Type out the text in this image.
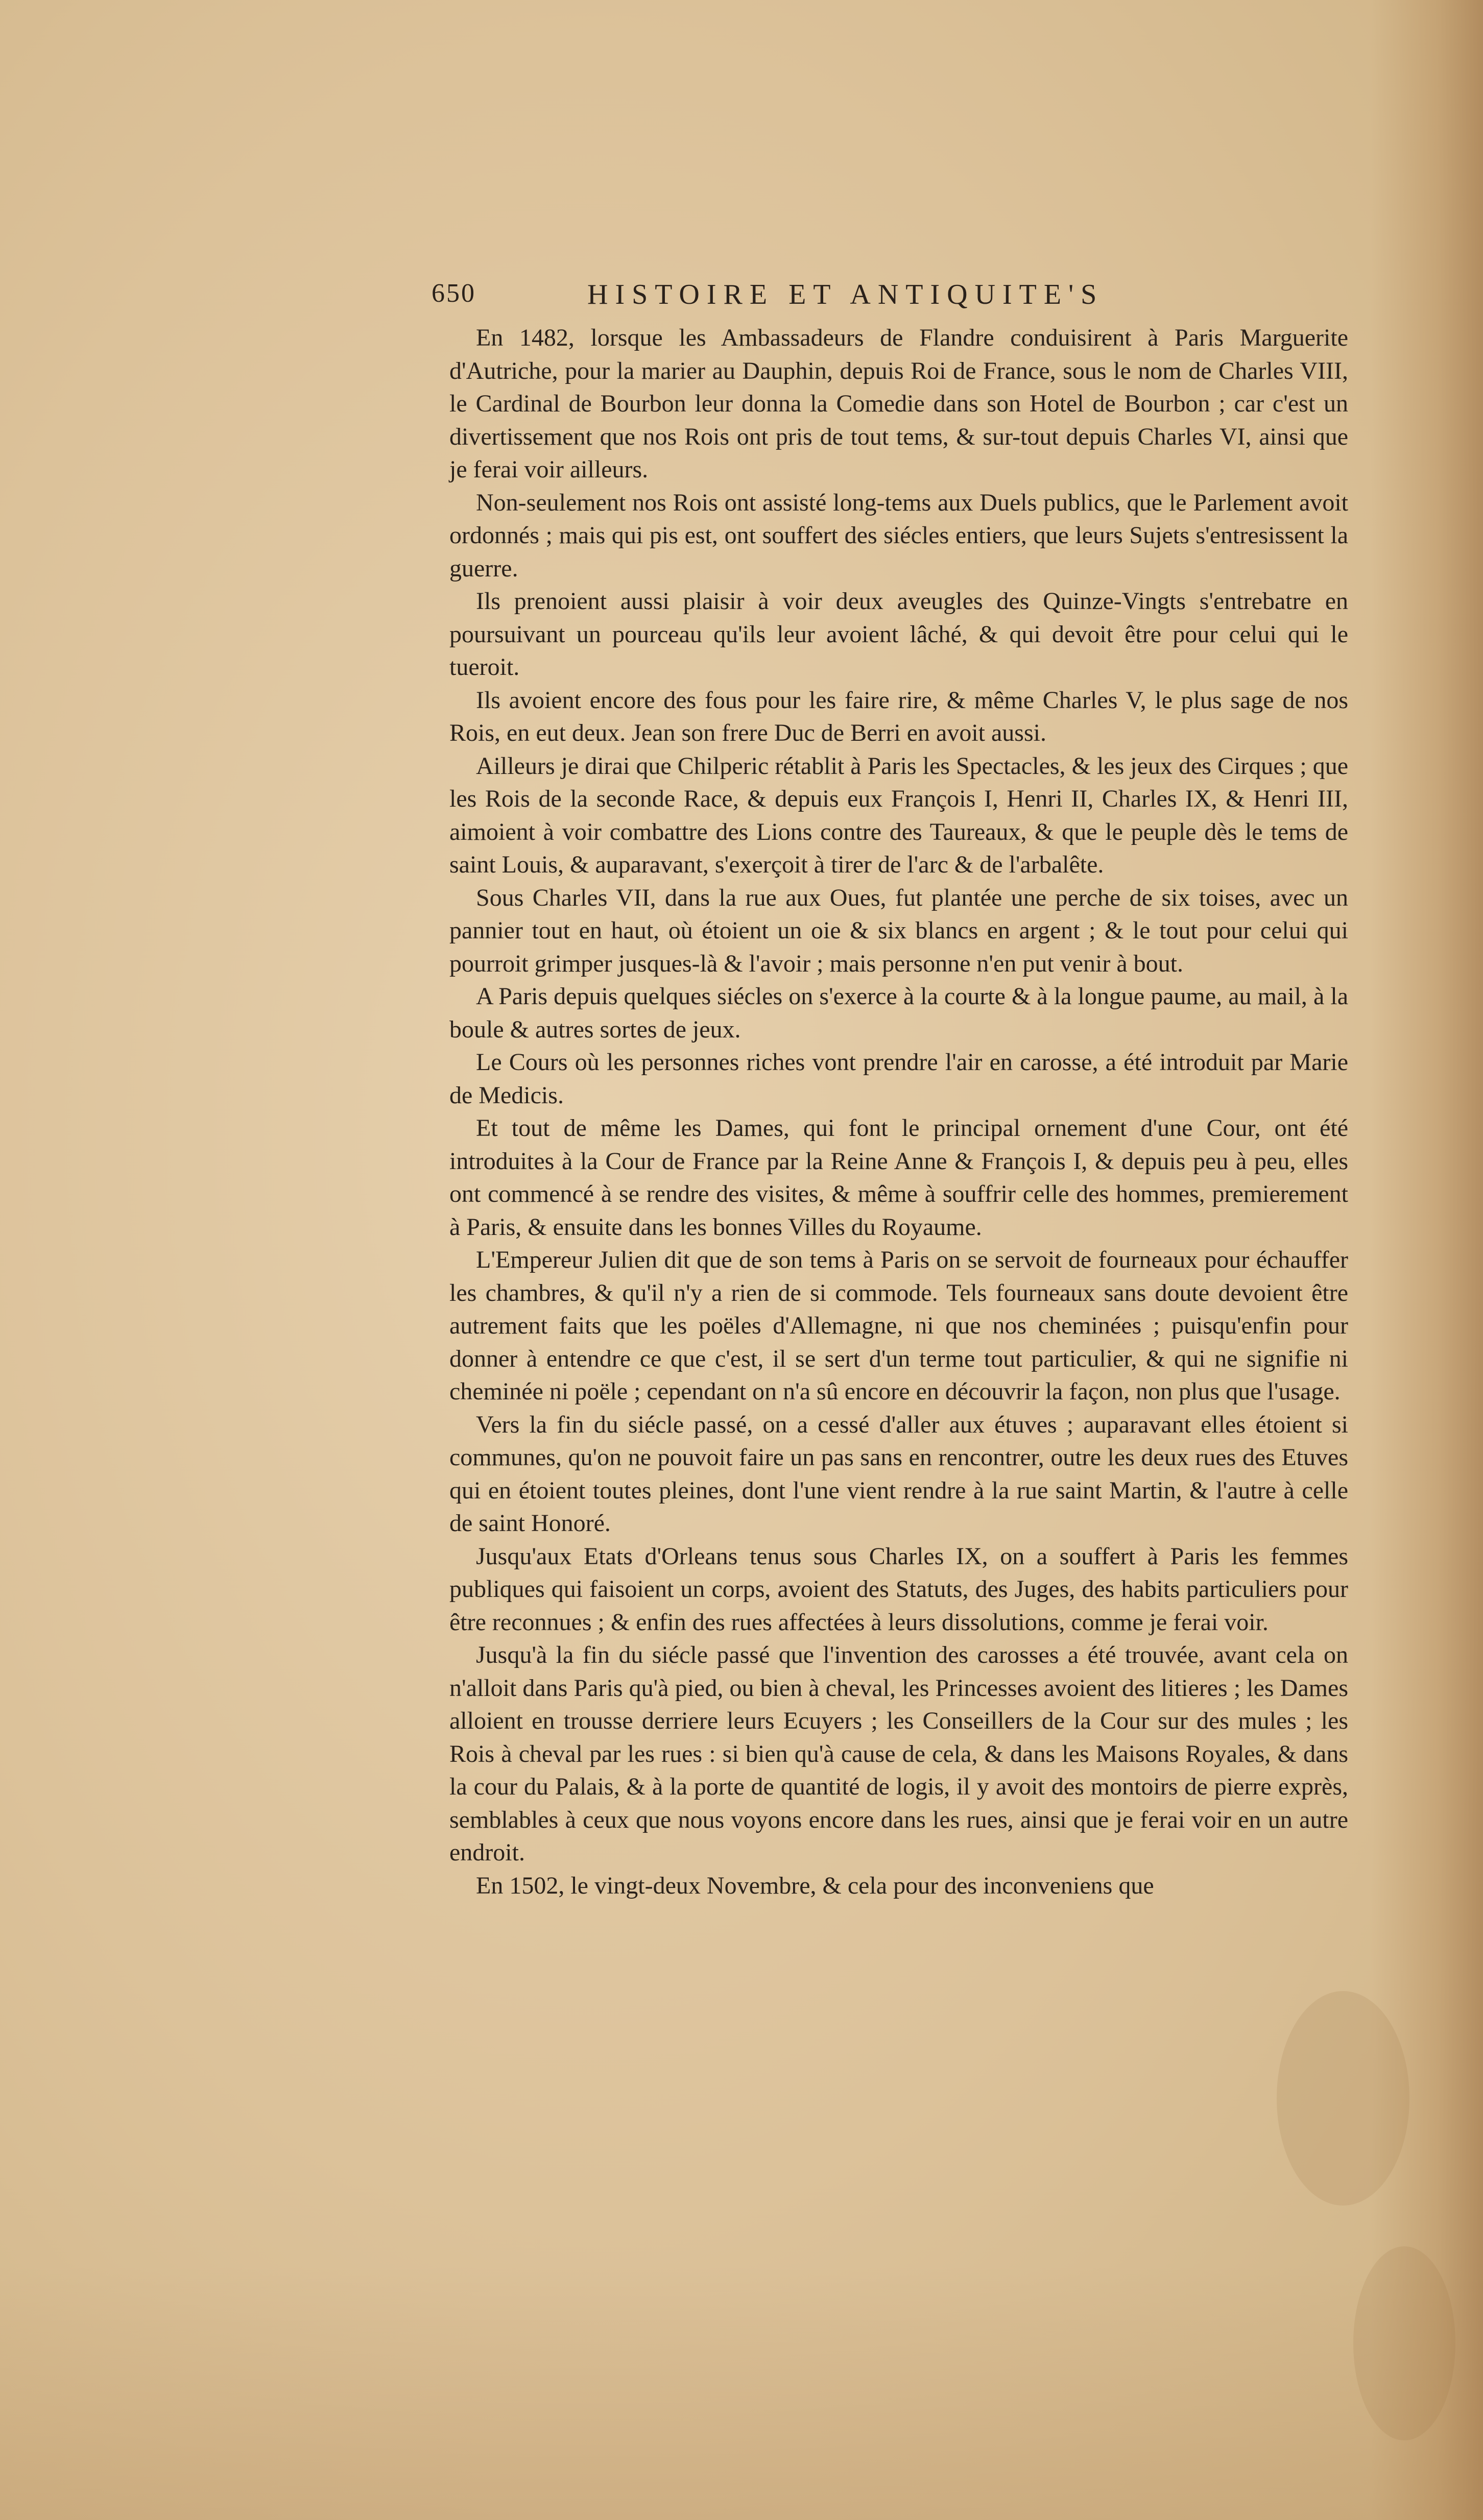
650	HISTOIRE ET ANTIQUITE'S

En 1482, lorsque les Ambassadeurs de Flandre conduisirent à Paris Marguerite d'Autriche, pour la marier au Dauphin, depuis Roi de France, sous le nom de Charles VIII, le Cardinal de Bourbon leur donna la Comedie dans son Hotel de Bourbon ; car c'est un divertissement que nos Rois ont pris de tout tems, & sur-tout depuis Charles VI, ainsi que je ferai voir ailleurs.

Non-seulement nos Rois ont assisté long-tems aux Duels publics, que le Parlement avoit ordonnés ; mais qui pis est, ont souffert des siécles entiers, que leurs Sujets s'entresissent la guerre.

Ils prenoient aussi plaisir à voir deux aveugles des Quinze-Vingts s'entrebatre en poursuivant un pourceau qu'ils leur avoient lâché, & qui devoit être pour celui qui le tueroit.

Ils avoient encore des fous pour les faire rire, & même Charles V, le plus sage de nos Rois, en eut deux. Jean son frere Duc de Berri en avoit aussi.

Ailleurs je dirai que Chilperic rétablit à Paris les Spectacles, & les jeux des Cirques ; que les Rois de la seconde Race, & depuis eux François I, Henri II, Charles IX, & Henri III, aimoient à voir combattre des Lions contre des Taureaux, & que le peuple dès le tems de saint Louis, & auparavant, s'exerçoit à tirer de l'arc & de l'arbalête.

Sous Charles VII, dans la rue aux Oues, fut plantée une perche de six toises, avec un pannier tout en haut, où étoient un oie & six blancs en argent ; & le tout pour celui qui pourroit grimper jusques-là & l'avoir ; mais personne n'en put venir à bout.

A Paris depuis quelques siécles on s'exerce à la courte & à la longue paume, au mail, à la boule & autres sortes de jeux.

Le Cours où les personnes riches vont prendre l'air en carosse, a été introduit par Marie de Medicis.

Et tout de même les Dames, qui font le principal ornement d'une Cour, ont été introduites à la Cour de France par la Reine Anne & François I, & depuis peu à peu, elles ont commencé à se rendre des visites, & même à souffrir celle des hommes, premierement à Paris, & ensuite dans les bonnes Villes du Royaume.

L'Empereur Julien dit que de son tems à Paris on se servoit de fourneaux pour échauffer les chambres, & qu'il n'y a rien de si commode. Tels fourneaux sans doute devoient être autrement faits que les poëles d'Allemagne, ni que nos cheminées ; puisqu'enfin pour donner à entendre ce que c'est, il se sert d'un terme tout particulier, & qui ne signifie ni cheminée ni poële ; cependant on n'a sû encore en découvrir la façon, non plus que l'usage.

Vers la fin du siécle passé, on a cessé d'aller aux étuves ; auparavant elles étoient si communes, qu'on ne pouvoit faire un pas sans en rencontrer, outre les deux rues des Etuves qui en étoient toutes pleines, dont l'une vient rendre à la rue saint Martin, & l'autre à celle de saint Honoré.

Jusqu'aux Etats d'Orleans tenus sous Charles IX, on a souffert à Paris les femmes publiques qui faisoient un corps, avoient des Statuts, des Juges, des habits particuliers pour être reconnues ; & enfin des rues affectées à leurs dissolutions, comme je ferai voir.

Jusqu'à la fin du siécle passé que l'invention des carosses a été trouvée, avant cela on n'alloit dans Paris qu'à pied, ou bien à cheval, les Princesses avoient des litieres ; les Dames alloient en trousse derriere leurs Ecuyers ; les Conseillers de la Cour sur des mules ; les Rois à cheval par les rues : si bien qu'à cause de cela, & dans les Maisons Royales, & dans la cour du Palais, & à la porte de quantité de logis, il y avoit des montoirs de pierre exprès, semblables à ceux que nous voyons encore dans les rues, ainsi que je ferai voir en un autre endroit.

En 1502, le vingt-deux Novembre, & cela pour des inconveniens que
